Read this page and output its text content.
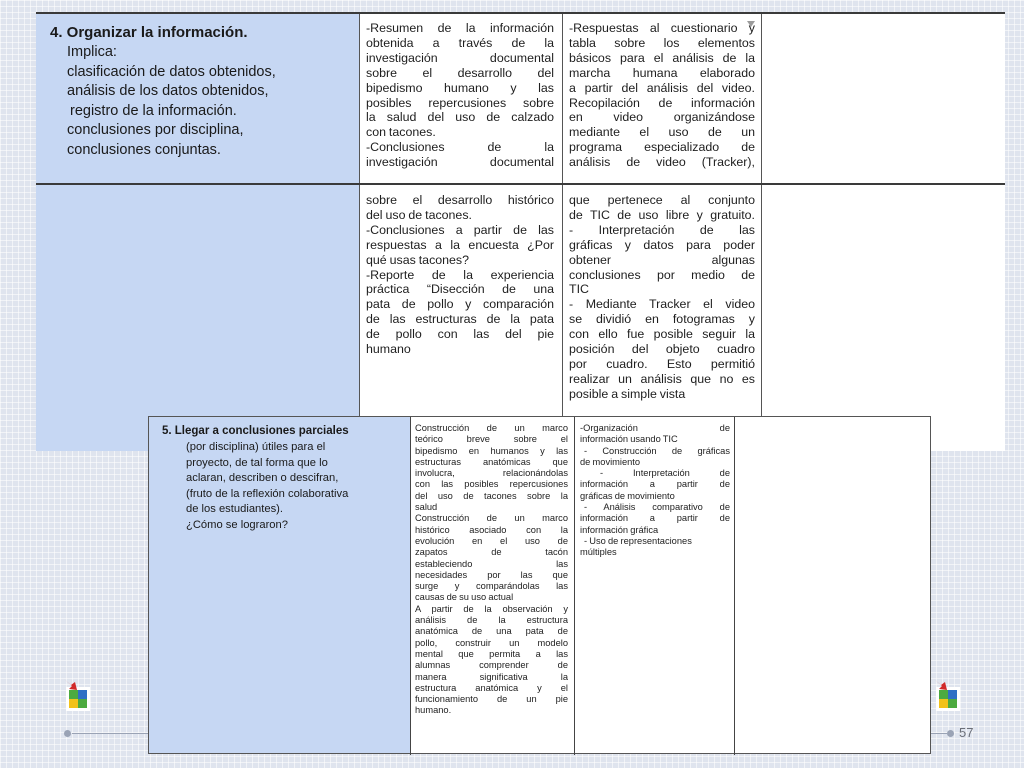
4. Organizar la información.
Implica:
clasificación de datos obtenidos,
análisis de los datos obtenidos,
registro de la información.
conclusiones por disciplina,
conclusiones conjuntas.
-Resumen de la información
obtenida a través de la
investigación documental
sobre el desarrollo del
bipedismo humano y las
posibles repercusiones sobre
la salud del uso de calzado
con tacones.
-Conclusiones de la
investigación documental
-Respuestas al cuestionario y
tabla sobre los elementos
básicos para el análisis de la
marcha humana elaborado
a partir del análisis del video.
Recopilación de información
en video organizándose
mediante el uso de un
programa especializado de
análisis de video (Tracker),
sobre el desarrollo histórico
del uso de tacones.
-Conclusiones a partir de las
respuestas a la encuesta ¿Por
qué usas tacones?
-Reporte de la experiencia
práctica “Disección de una
pata de pollo y comparación
de las estructuras de la pata
de pollo con las del pie
humano
que pertenece al conjunto
de TIC de uso libre y gratuito.
- Interpretación de las
gráficas y datos para poder
obtener algunas
conclusiones por medio de
TIC
- Mediante Tracker el video
se dividió en fotogramas y
con ello fue posible seguir la
posición del objeto cuadro
por cuadro. Esto permitió
realizar un análisis que no es
posible a simple vista
5. Llegar a conclusiones parciales
(por disciplina) útiles para el
proyecto, de tal forma que lo
aclaran, describen o descifran,
(fruto de la reflexión colaborativa
de los estudiantes).
¿Cómo se lograron?
Construcción de un marco
teórico breve sobre el
bipedismo en humanos y las
estructuras anatómicas que
involucra, relacionándolas
con las posibles repercusiones
del uso de tacones sobre la
salud
Construcción de un marco
histórico asociado con la
evolución en el uso de
zapatos de tacón
estableciendo las
necesidades por las que
surge y comparándolas las
causas de su uso actual
A partir de la observación y
análisis de la estructura
anatómica de una pata de
pollo, construir un modelo
mental que permita a las
alumnas comprender de
manera significativa la
estructura anatómica y el
funcionamiento de un pie
humano.
-Organización de
información usando TIC
- Construcción de gráficas
de movimiento
- Interpretación de
información a partir de
gráficas de movimiento
- Análisis comparativo de
información a partir de
información gráfica
- Uso de representaciones
múltiples
57
